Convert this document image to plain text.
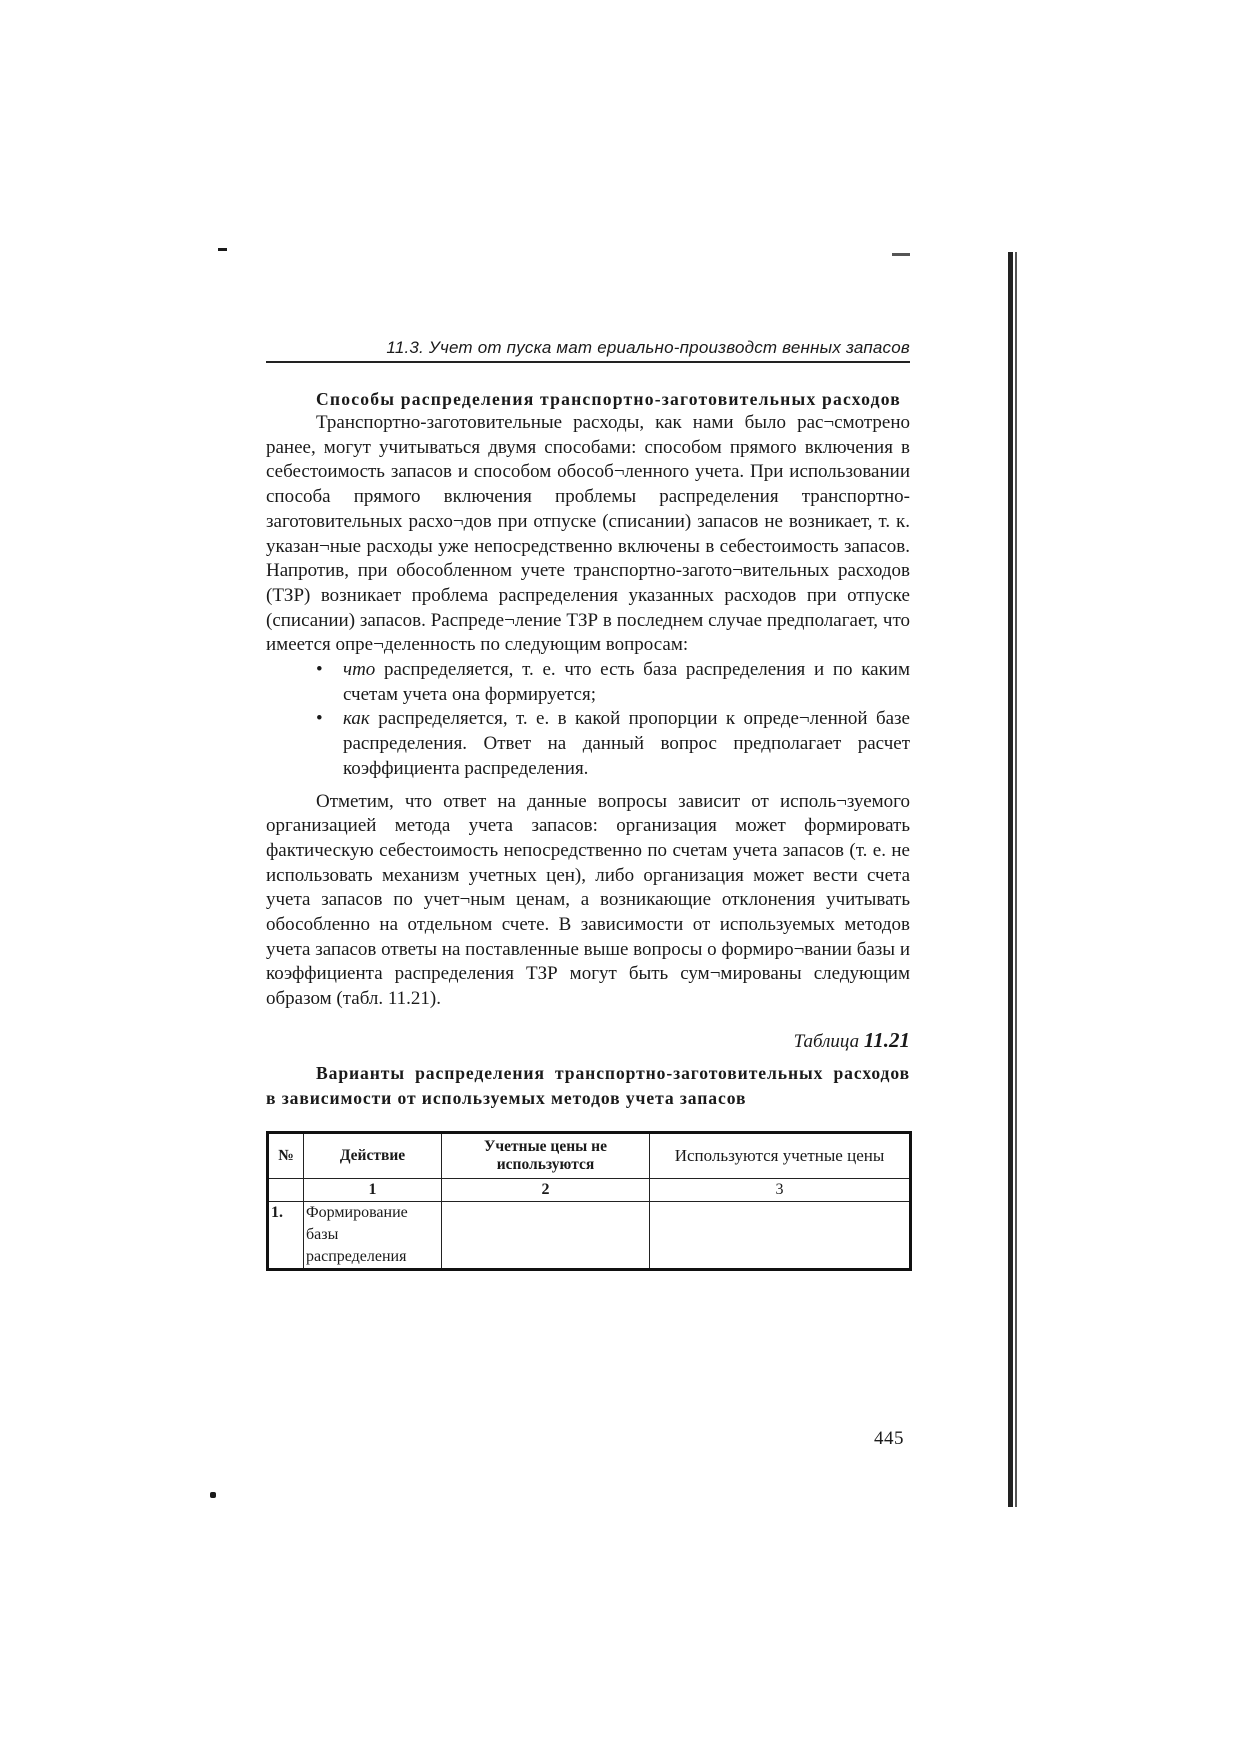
11.3. Учет от пуска мат ериально-производст венных запасов
Способы распределения транспортно-заготовительных расходов

Транспортно-заготовительные расходы, как нами было рас¬смотрено ранее, могут учитываться двумя способами: способом прямого включения в себестоимость запасов и способом обособ¬ленного учета. При использовании способа прямого включения проблемы распределения транспортно-заготовительных расхо¬дов при отпуске (списании) запасов не возникает, т. к. указан¬ные расходы уже непосредственно включены в себестоимость запасов. Напротив, при обособленном учете транспортно-загото¬вительных расходов (ТЗР) возникает проблема распределения указанных расходов при отпуске (списании) запасов. Распреде¬ление ТЗР в последнем случае предполагает, что имеется опре¬деленность по следующим вопросам:

• что распределяется, т. е. что есть база распределения и по каким счетам учета она формируется;
• как распределяется, т. е. в какой пропорции к опреде¬ленной базе распределения. Ответ на данный вопрос предполагает расчет коэффициента распределения.

Отметим, что ответ на данные вопросы зависит от исполь¬зуемого организацией метода учета запасов: организация может формировать фактическую себестоимость непосредственно по счетам учета запасов (т. е. не использовать механизм учетных цен), либо организация может вести счета учета запасов по учет¬ным ценам, а возникающие отклонения учитывать обособленно на отдельном счете. В зависимости от используемых методов учета запасов ответы на поставленные выше вопросы о формиро¬вании базы и коэффициента распределения ТЗР могут быть сум¬мированы следующим образом (табл. 11.21).

Таблица 11.21
Варианты распределения транспортно-заготовительных расходов в зависимости от используемых методов учета запасов
№	Действие	Учетные цены не используются	Используются учетные цены
	1	2	3
1.	Формирование базы распределения		
445
